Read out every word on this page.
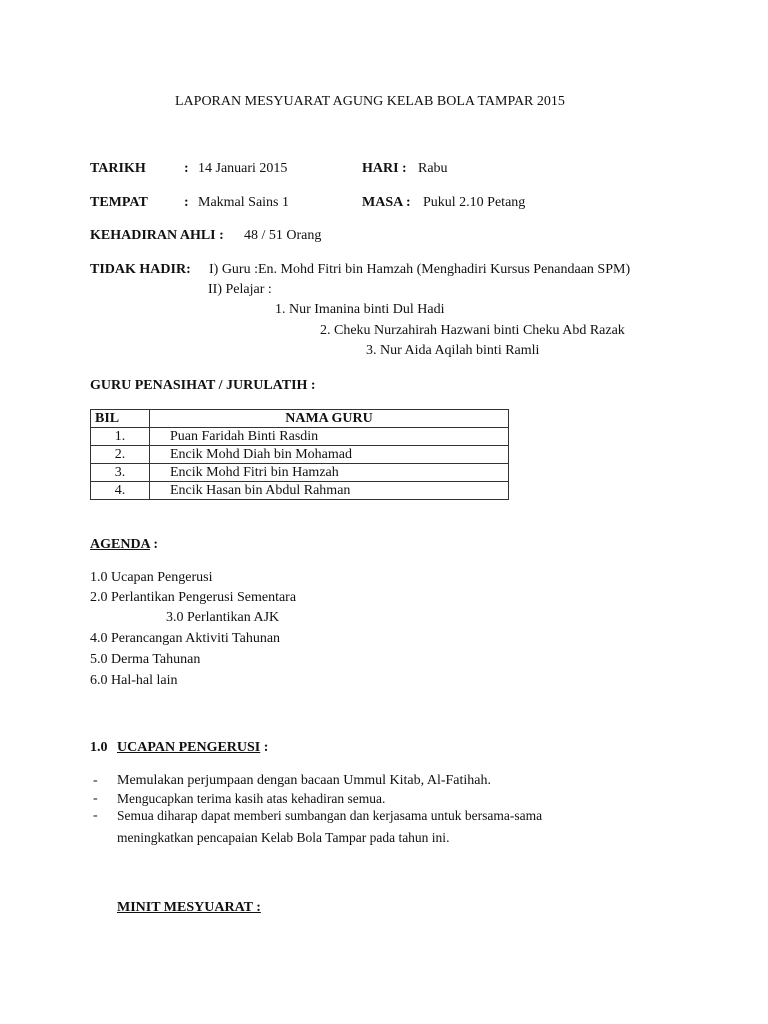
LAPORAN MESYUARAT AGUNG KELAB BOLA TAMPAR 2015
TARIKH	: 14 Januari 2015	HARI : Rabu
TEMPAT	: Makmal Sains 1	MASA : Pukul 2.10 Petang
KEHADIRAN AHLI : 48 / 51 Orang
TIDAK HADIR: I) Guru :En. Mohd Fitri bin Hamzah (Menghadiri Kursus Penandaan SPM)
II) Pelajar :
1. Nur Imanina binti Dul Hadi
2. Cheku Nurzahirah Hazwani binti Cheku Abd Razak
3. Nur Aida Aqilah binti Ramli
GURU PENASIHAT / JURULATIH :
BIL	NAMA GURU
1.	Puan Faridah Binti Rasdin
2.	Encik Mohd Diah bin Mohamad
3.	Encik Mohd Fitri bin Hamzah
4.	Encik Hasan bin Abdul Rahman
AGENDA :
1.0 Ucapan Pengerusi
2.0 Perlantikan Pengerusi Sementara
3.0 Perlantikan AJK
4.0 Perancangan Aktiviti Tahunan
5.0 Derma Tahunan
6.0 Hal-hal lain
1.0 UCAPAN PENGERUSI :
- Memulakan perjumpaan dengan bacaan Ummul Kitab, Al-Fatihah.
- Mengucapkan terima kasih atas kehadiran semua.
- Semua diharap dapat memberi sumbangan dan kerjasama untuk bersama-sama
meningkatkan pencapaian Kelab Bola Tampar pada tahun ini.
MINIT MESYUARAT :
